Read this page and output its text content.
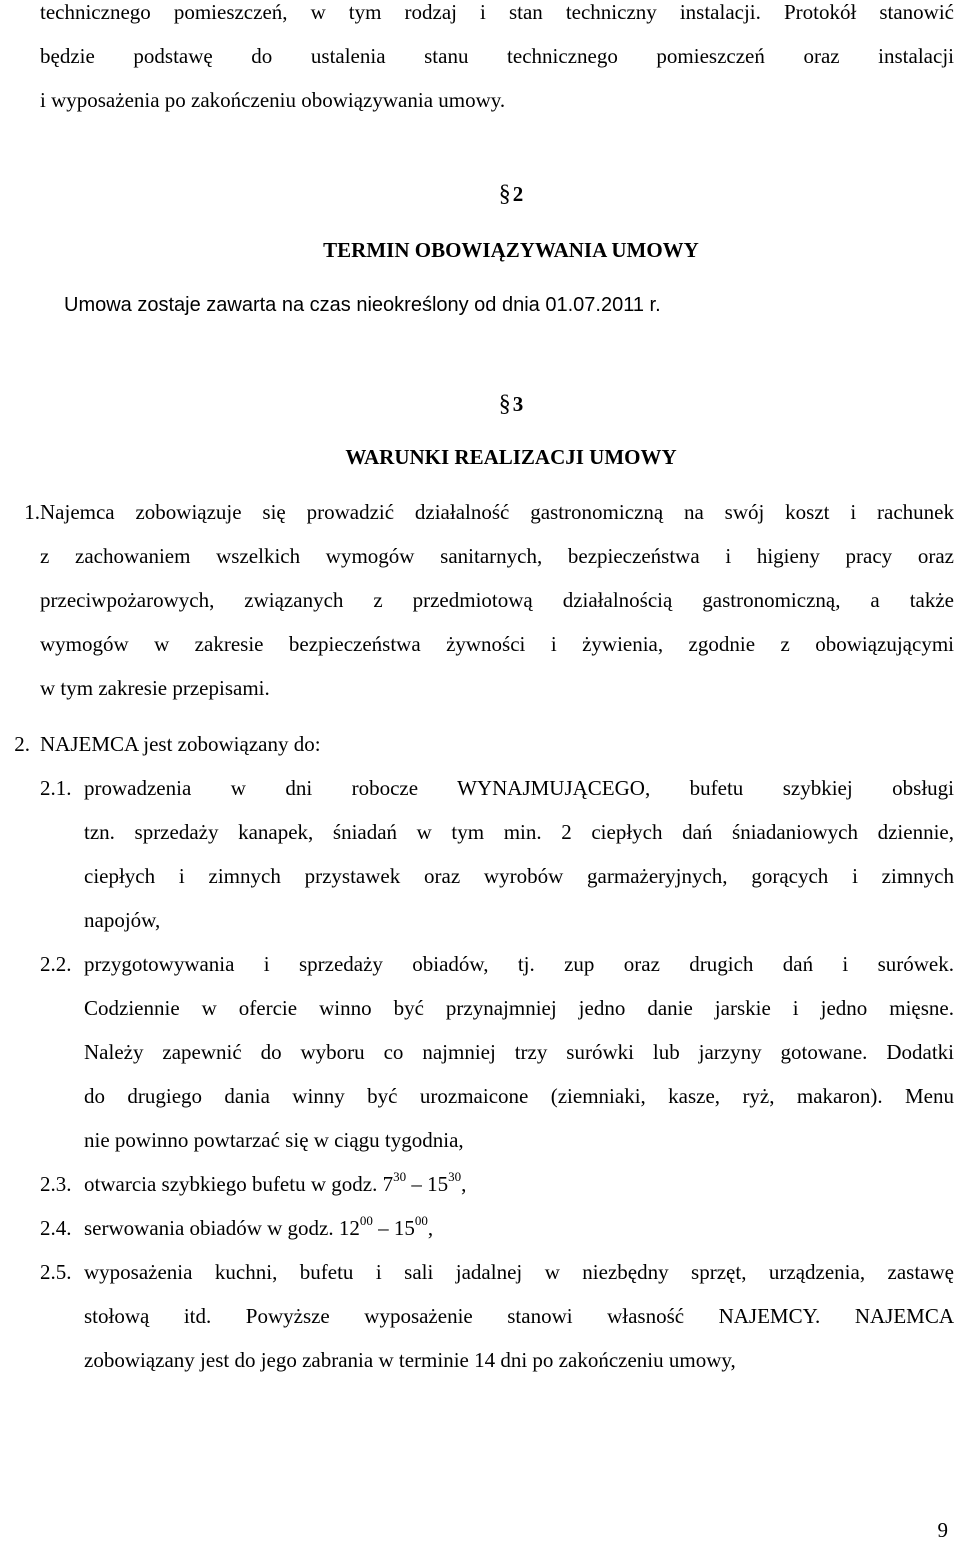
technicznego pomieszczeń, w tym rodzaj i stan techniczny instalacji. Protokół stanowić
będzie podstawę do ustalenia stanu technicznego pomieszczeń oraz instalacji
i wyposażenia po zakończeniu obowiązywania umowy.
§2
TERMIN OBOWIĄZYWANIA UMOWY
Umowa zostaje zawarta na czas nieokreślony od dnia 01.07.2011 r.
§3
WARUNKI REALIZACJI UMOWY
1. Najemca zobowiązuje się prowadzić działalność gastronomiczną na swój koszt i rachunek
z zachowaniem wszelkich wymogów sanitarnych, bezpieczeństwa i higieny pracy oraz
przeciwpożarowych, związanych z przedmiotową działalnością gastronomiczną, a także
wymogów w zakresie bezpieczeństwa żywności i żywienia, zgodnie z obowiązującymi
w tym zakresie przepisami.
2. NAJEMCA jest zobowiązany do:
2.1. prowadzenia w dni robocze WYNAJMUJĄCEGO, bufetu szybkiej obsługi
tzn. sprzedaży kanapek, śniadań w tym min. 2 ciepłych dań śniadaniowych dziennie,
ciepłych i zimnych przystawek oraz wyrobów garmażeryjnych, gorących i zimnych
napojów,
2.2. przygotowywania i sprzedaży obiadów, tj. zup oraz drugich dań i surówek.
Codziennie w ofercie winno być przynajmniej jedno danie jarskie i jedno mięsne.
Należy zapewnić do wyboru co najmniej trzy surówki lub jarzyny gotowane. Dodatki
do drugiego dania winny być urozmaicone (ziemniaki, kasze, ryż, makaron). Menu
nie powinno powtarzać się w ciągu tygodnia,
2.3. otwarcia szybkiego bufetu w godz. $7^{30} - 15^{30}$,
2.4. serwowania obiadów w godz. $12^{00} - 15^{00}$,
2.5. wyposażenia kuchni, bufetu i sali jadalnej w niezbędny sprzęt, urządzenia, zastawę
stołową itd. Powyższe wyposażenie stanowi własność NAJEMCY. NAJEMCA
zobowiązany jest do jego zabrania w terminie 14 dni po zakończeniu umowy,
9
